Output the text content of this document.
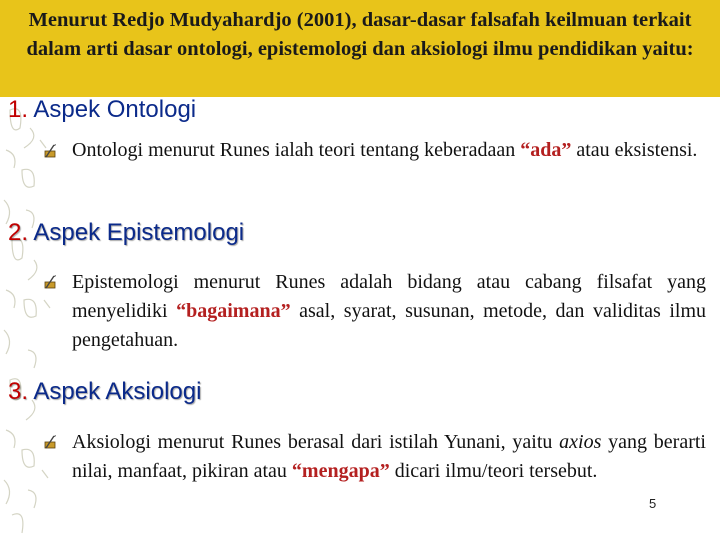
Menurut Redjo Mudyahardjo (2001), dasar-dasar falsafah keilmuan terkait dalam arti dasar ontologi, epistemologi dan aksiologi ilmu pendidikan yaitu:

1. Aspek Ontologi

Ontologi menurut Runes ialah teori tentang keberadaan “ada” atau eksistensi.

2. Aspek Epistemologi

Epistemologi menurut Runes adalah bidang atau cabang filsafat yang menyelidiki “bagaimana” asal, syarat, susunan, metode, dan validitas ilmu pengetahuan.

3. Aspek Aksiologi

Aksiologi menurut Runes berasal dari istilah Yunani, yaitu axios yang berarti nilai, manfaat, pikiran atau “mengapa” dicari ilmu/teori tersebut.

5
